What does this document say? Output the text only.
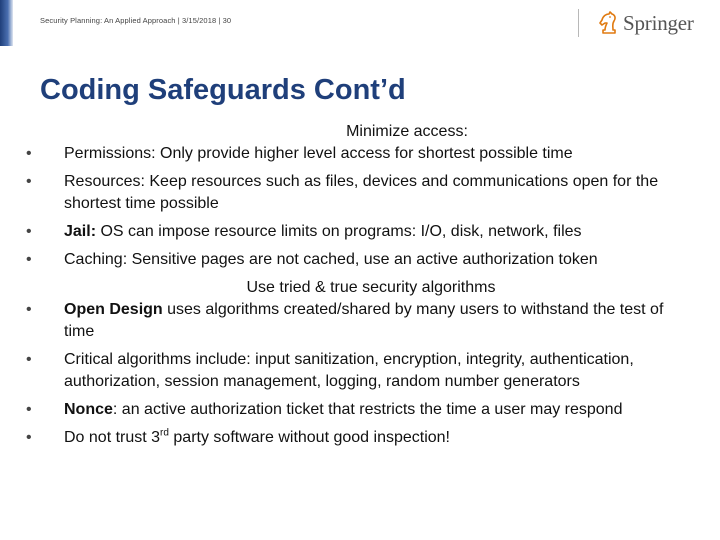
Security Planning: An Applied Approach | 3/15/2018 | 30	Springer
Coding Safeguards Cont’d
Minimize access:
• Permissions: Only provide higher level access for shortest possible time
• Resources: Keep resources such as files, devices and communications open for the shortest time possible
• Jail: OS can impose resource limits on programs: I/O, disk, network, files
• Caching: Sensitive pages are not cached, use an active authorization token
Use tried & true security algorithms
• Open Design uses algorithms created/shared by many users to withstand the test of time
• Critical algorithms include: input sanitization, encryption, integrity, authentication, authorization, session management, logging, random number generators
• Nonce: an active authorization ticket that restricts the time a user may respond
• Do not trust 3rd party software without good inspection!
